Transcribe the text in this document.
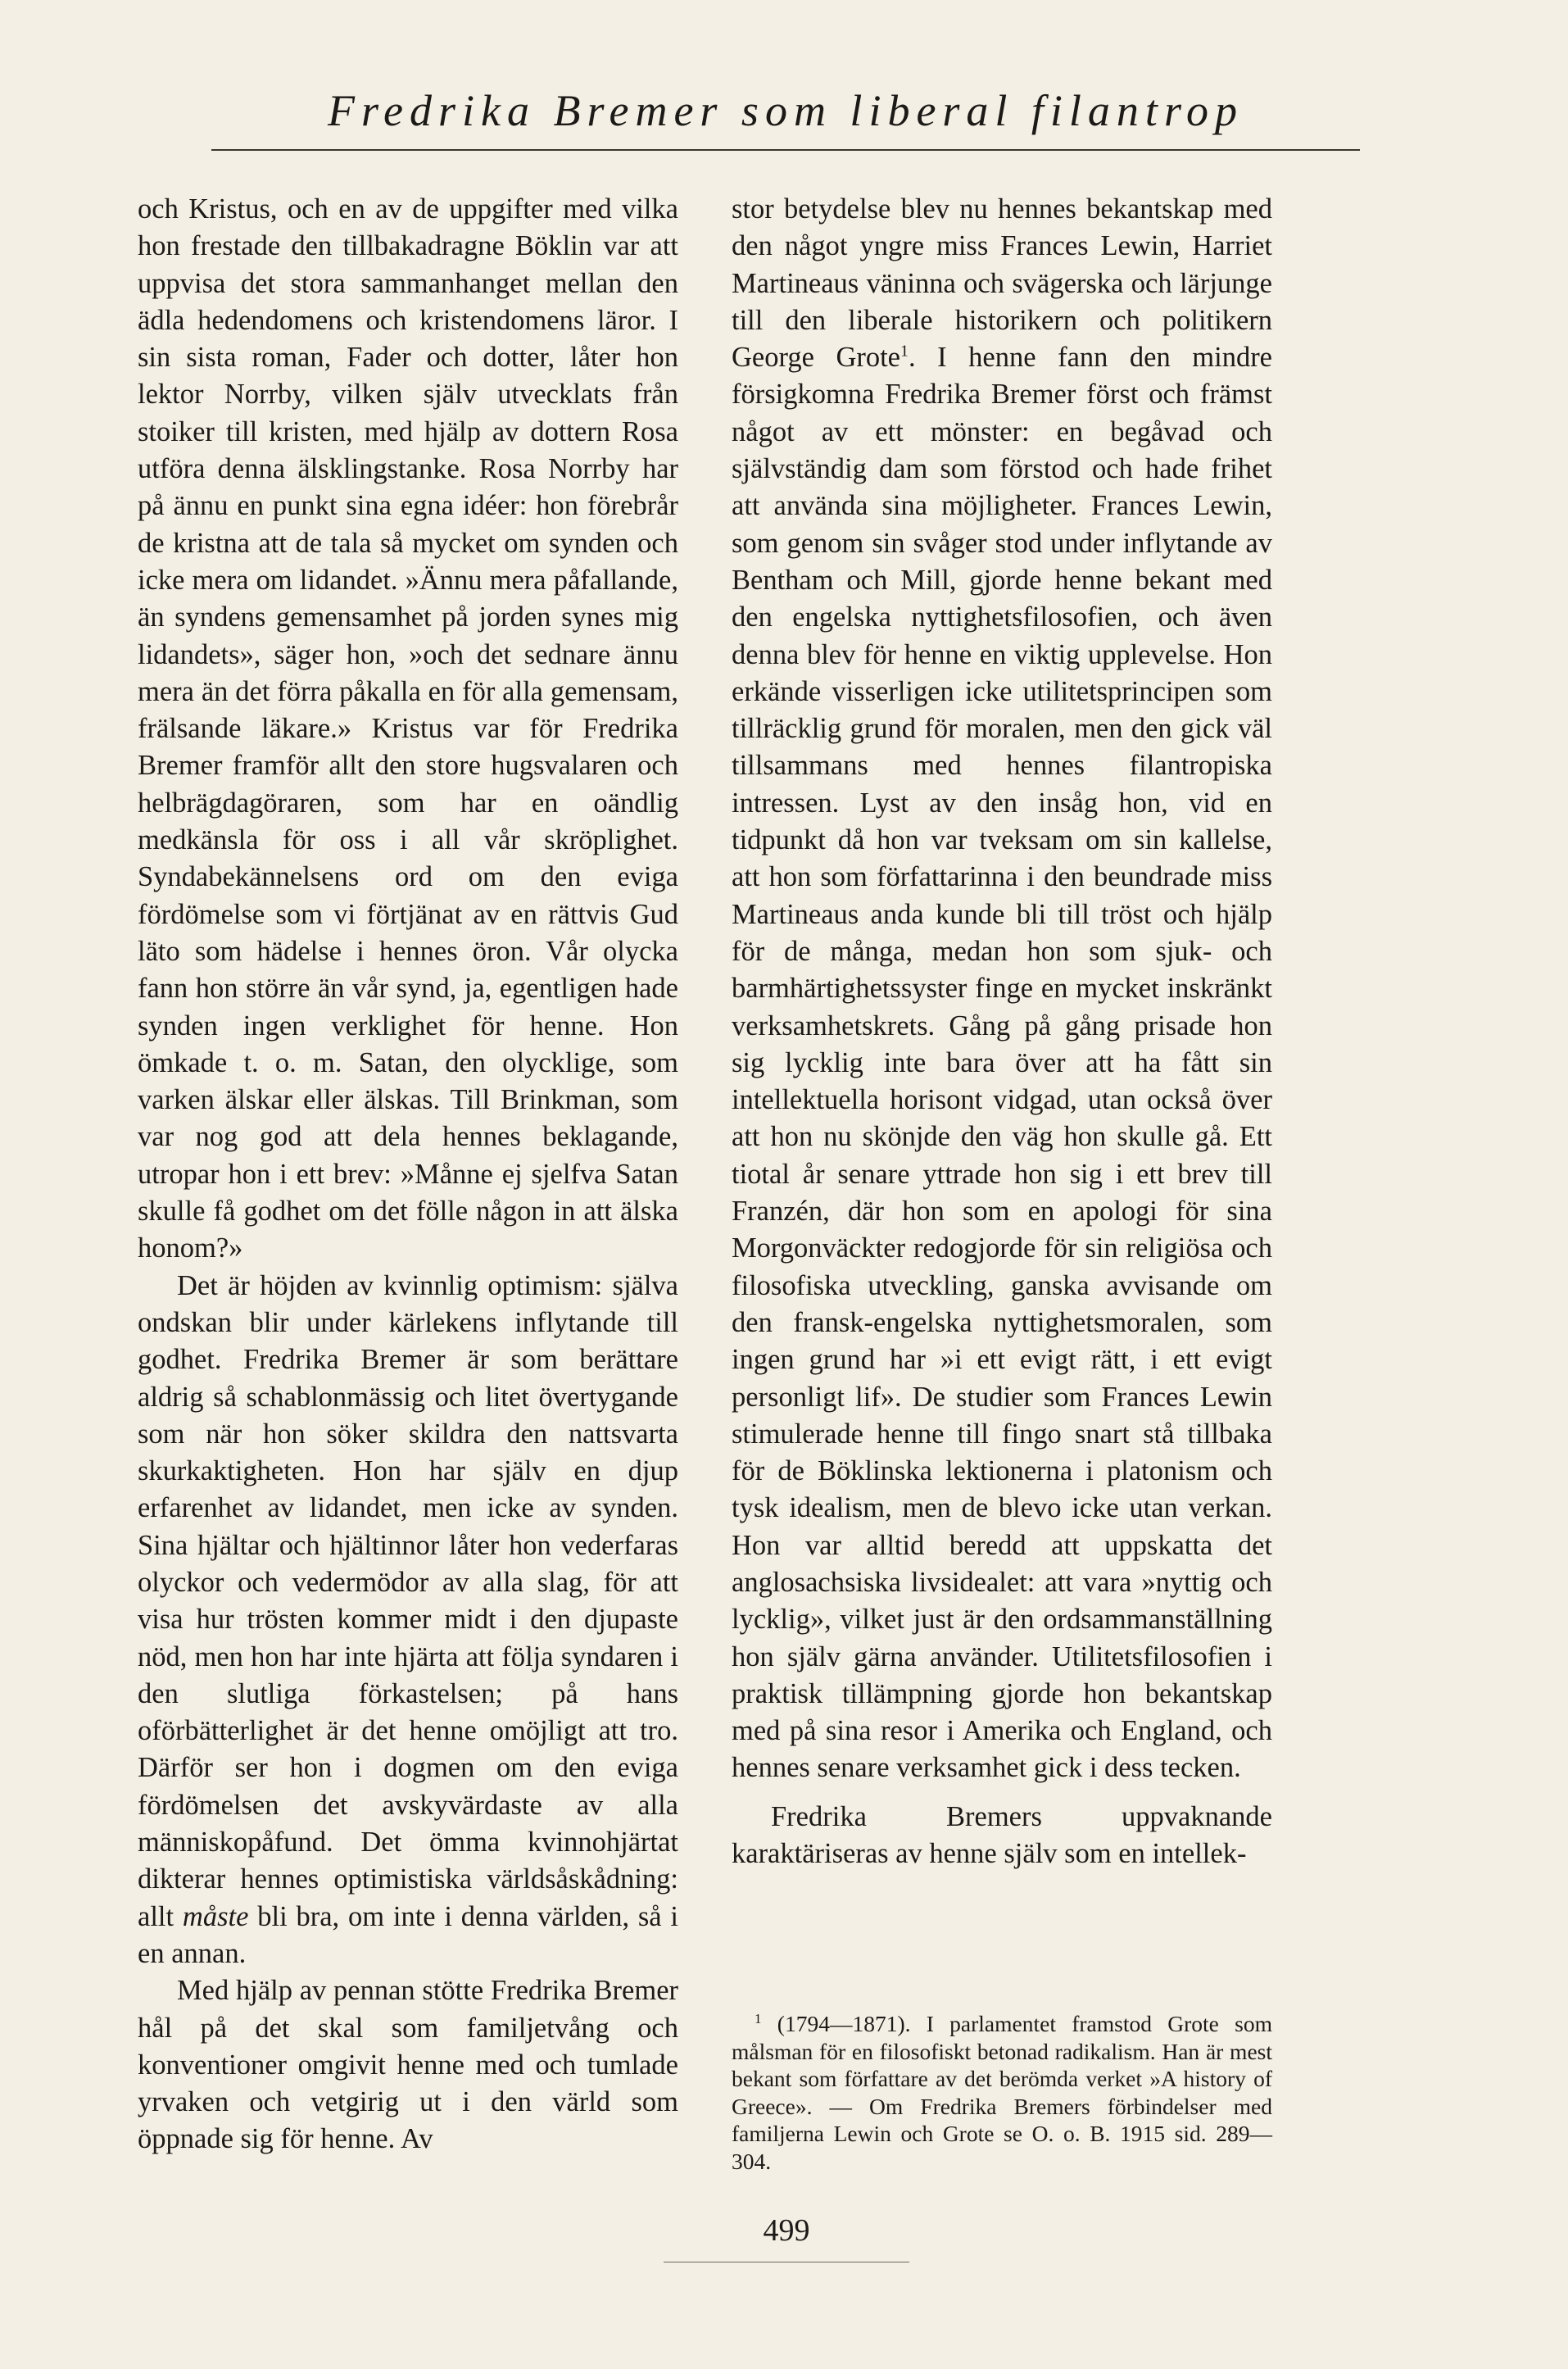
Fredrika Bremer som liberal filantrop

och Kristus, och en av de uppgifter med vilka hon frestade den tillbakadragne Böklin var att uppvisa det stora sammanhanget mellan den ädla hedendomens och kristendomens läror. I sin sista roman, Fader och dotter, låter hon lektor Norrby, vilken själv utvecklats från stoiker till kristen, med hjälp av dottern Rosa utföra denna älsklingstanke. Rosa Norrby har på ännu en punkt sina egna idéer: hon förebrår de kristna att de tala så mycket om synden och icke mera om lidandet. »Ännu mera påfallande, än syndens gemensamhet på jorden synes mig lidandets», säger hon, »och det sednare ännu mera än det förra påkalla en för alla gemensam, frälsande läkare.» Kristus var för Fredrika Bremer framför allt den store hugsvalaren och helbrägdagöraren, som har en oändlig medkänsla för oss i all vår skröplighet. Syndabekännelsens ord om den eviga fördömelse som vi förtjänat av en rättvis Gud läto som hädelse i hennes öron. Vår olycka fann hon större än vår synd, ja, egentligen hade synden ingen verklighet för henne. Hon ömkade t. o. m. Satan, den olycklige, som varken älskar eller älskas. Till Brinkman, som var nog god att dela hennes beklagande, utropar hon i ett brev: »Månne ej sjelfva Satan skulle få godhet om det fölle någon in att älska honom?»

Det är höjden av kvinnlig optimism: själva ondskan blir under kärlekens inflytande till godhet. Fredrika Bremer är som berättare aldrig så schablonmässig och litet övertygande som när hon söker skildra den nattsvarta skurkaktigheten. Hon har själv en djup erfarenhet av lidandet, men icke av synden. Sina hjältar och hjältinnor låter hon vederfaras olyckor och vedermödor av alla slag, för att visa hur trösten kommer midt i den djupaste nöd, men hon har inte hjärta att följa syndaren i den slutliga förkastelsen; på hans oförbätterlighet är det henne omöjligt att tro. Därför ser hon i dogmen om den eviga fördömelsen det avskyvärdaste av alla människopåfund. Det ömma kvinnohjärtat dikterar hennes optimistiska världsåskådning: allt måste bli bra, om inte i denna världen, så i en annan.

Med hjälp av pennan stötte Fredrika Bremer hål på det skal som familjetvång och konventioner omgivit henne med och tumlade yrvaken och vetgirig ut i den värld som öppnade sig för henne. Av

stor betydelse blev nu hennes bekantskap med den något yngre miss Frances Lewin, Harriet Martineaus väninna och svägerska och lärjunge till den liberale historikern och politikern George Grote$^1$. I henne fann den mindre försigkomna Fredrika Bremer först och främst något av ett mönster: en begåvad och självständig dam som förstod och hade frihet att använda sina möjligheter. Frances Lewin, som genom sin svåger stod under inflytande av Bentham och Mill, gjorde henne bekant med den engelska nyttighetsfilosofien, och även denna blev för henne en viktig upplevelse. Hon erkände visserligen icke utilitetsprincipen som tillräcklig grund för moralen, men den gick väl tillsammans med hennes filantropiska intressen. Lyst av den insåg hon, vid en tidpunkt då hon var tveksam om sin kallelse, att hon som författarinna i den beundrade miss Martineaus anda kunde bli till tröst och hjälp för de många, medan hon som sjuk- och barmhärtighetssyster finge en mycket inskränkt verksamhetskrets. Gång på gång prisade hon sig lycklig inte bara över att ha fått sin intellektuella horisont vidgad, utan också över att hon nu skönjde den väg hon skulle gå. Ett tiotal år senare yttrade hon sig i ett brev till Franzén, där hon som en apologi för sina Morgonväckter redogjorde för sin religiösa och filosofiska utveckling, ganska avvisande om den fransk-engelska nyttighetsmoralen, som ingen grund har »i ett evigt rätt, i ett evigt personligt lif». De studier som Frances Lewin stimulerade henne till fingo snart stå tillbaka för de Böklinska lektionerna i platonism och tysk idealism, men de blevo icke utan verkan. Hon var alltid beredd att uppskatta det anglosachsiska livsidealet: att vara »nyttig och lycklig», vilket just är den ordsammanställning hon själv gärna använder. Utilitetsfilosofien i praktisk tillämpning gjorde hon bekantskap med på sina resor i Amerika och England, och hennes senare verksamhet gick i dess tecken.

Fredrika Bremers uppvaknande karaktäriseras av henne själv som en intellek-

$^1$ (1794—1871). I parlamentet framstod Grote som målsman för en filosofiskt betonad radikalism. Han är mest bekant som författare av det berömda verket »A history of Greece». — Om Fredrika Bremers förbindelser med familjerna Lewin och Grote se O. o. B. 1915 sid. 289—304.

499
